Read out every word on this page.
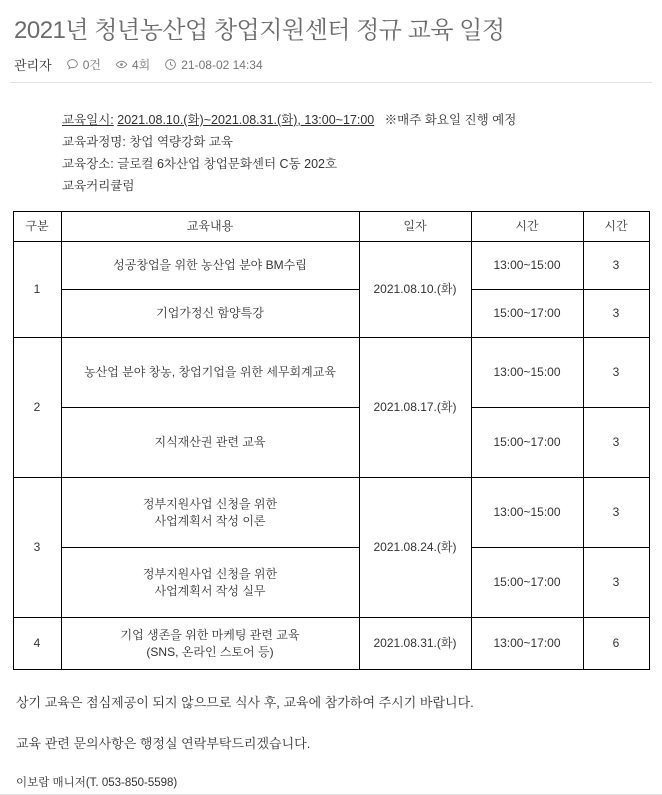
2021년 청년농산업 창업지원센터 정규 교육 일정
관리자	0건	4회	21-08-02 14:34
교육일시: 2021.08.10.(화)~2021.08.31.(화), 13:00~17:00 ※매주 화요일 진행 예정
교육과정명: 창업 역량강화 교육
교육장소: 글로컬 6차산업 창업문화센터 C동 202호
교육커리큘럼
구분	교육내용	일자	시간	시간
1	성공창업을 위한 농산업 분야 BM수립	2021.08.10.(화)	13:00~15:00	3
	기업가정신 함양특강		15:00~17:00	3
2	농산업 분야 창농, 창업기업을 위한 세무회계교육	2021.08.17.(화)	13:00~15:00	3
	지식재산권 관련 교육		15:00~17:00	3
3	정부지원사업 신청을 위한
사업계획서 작성 이론	2021.08.24.(화)	13:00~15:00	3

	정부지원사업 신청을 위한
사업계획서 작성 실무		15:00~17:00	3
4	기업 생존을 위한 마케팅 관련 교육
(SNS, 온라인 스토어 등)	2021.08.31.(화)	13:00~17:00	6

상기 교육은 점심제공이 되지 않으므로 식사 후, 교육에 참가하여 주시기 바랍니다.

교육 관련 문의사항은 행정실 연락부탁드리겠습니다.

이보람 매니저(T. 053-850-5598)
